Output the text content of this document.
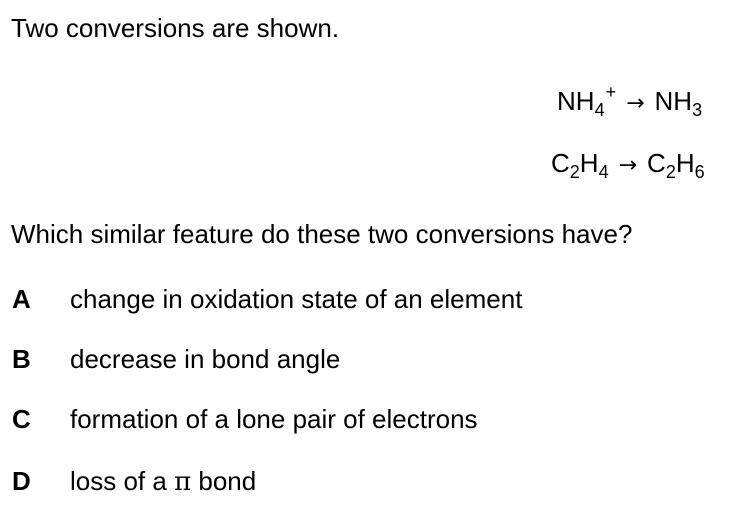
Two conversions are shown.
$NH_4^+ \to NH_3$
$C_2H_4 \to C_2H_6$
Which similar feature do these two conversions have?
A change in oxidation state of an element
B decrease in bond angle
C formation of a lone pair of electrons
D loss of a π bond
